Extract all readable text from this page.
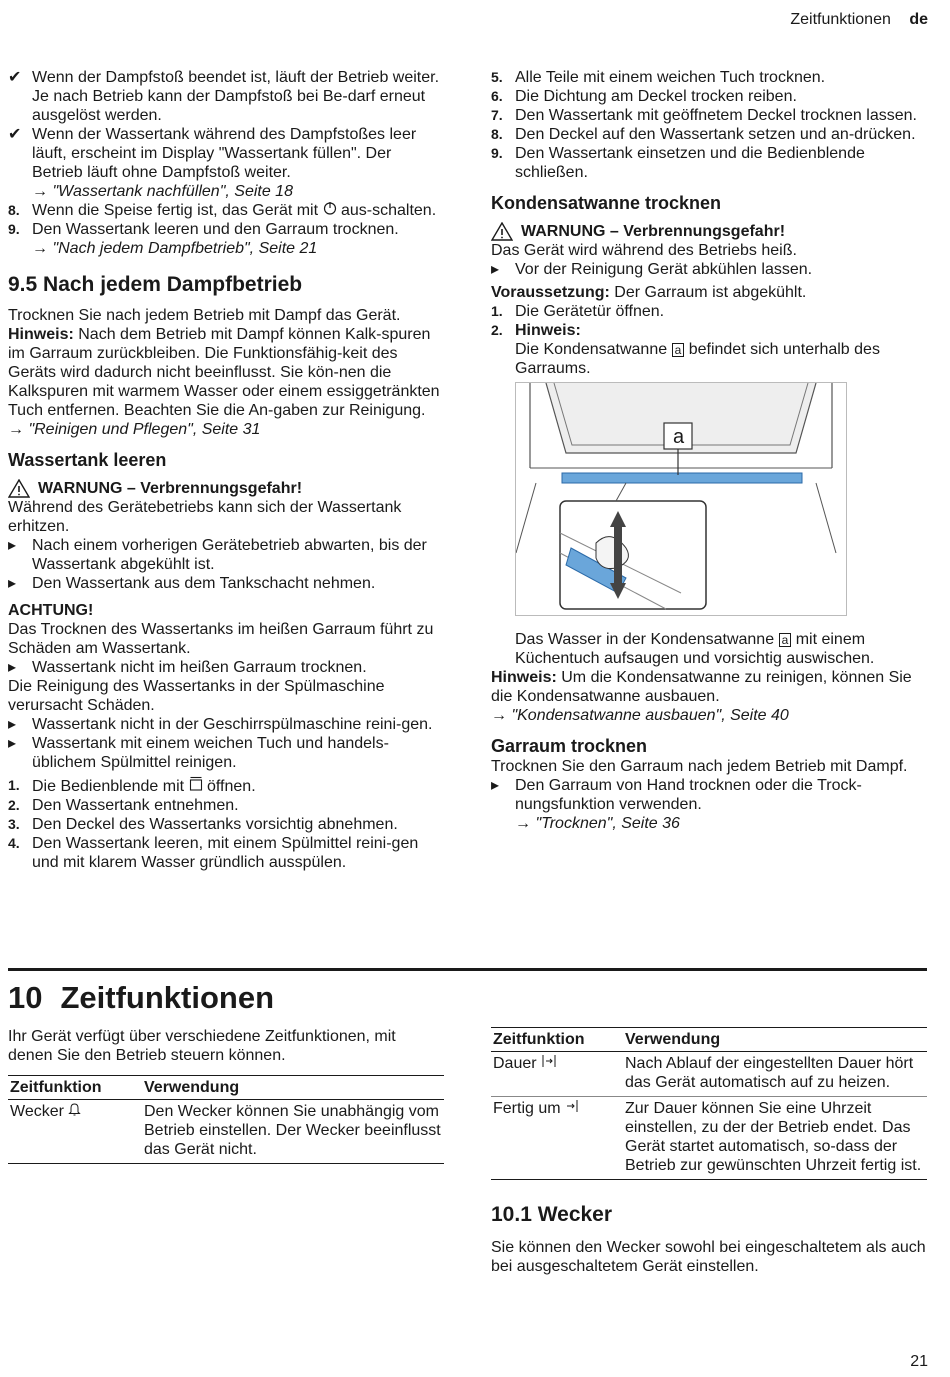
Zeitfunktionen de
✔ Wenn der Dampfstoß beendet ist, läuft der Betrieb weiter. Je nach Betrieb kann der Dampfstoß bei Be-darf erneut ausgelöst werden.

✔ Wenn der Wassertank während des Dampfstoßes leer läuft, erscheint im Display "Wassertank füllen". Der Betrieb läuft ohne Dampfstoß weiter.

→ "Wassertank nachfüllen", Seite 18

8. Wenn die Speise fertig ist, das Gerät mit aus-schalten.

9. Den Wassertank leeren und den Garraum trocknen.

→ "Nach jedem Dampfbetrieb", Seite 21

9.5 Nach jedem Dampfbetrieb

Trocknen Sie nach jedem Betrieb mit Dampf das Gerät.

Hinweis: Nach dem Betrieb mit Dampf können Kalk-spuren im Garraum zurückbleiben. Die Funktionsfähig-keit des Geräts wird dadurch nicht beeinflusst. Sie kön-nen die Kalkspuren mit warmem Wasser oder einem essiggetränkten Tuch entfernen. Beachten Sie die An-gaben zur Reinigung.

→ "Reinigen und Pflegen", Seite 31

Wassertank leeren

WARNUNG – Verbrennungsgefahr!

Während des Gerätebetriebs kann sich der Wassertank erhitzen.

▸ Nach einem vorherigen Gerätebetrieb abwarten, bis der Wassertank abgekühlt ist.

▸ Den Wassertank aus dem Tankschacht nehmen.

ACHTUNG!

Das Trocknen des Wassertanks im heißen Garraum führt zu Schäden am Wassertank.

▸ Wassertank nicht im heißen Garraum trocknen.

Die Reinigung des Wassertanks in der Spülmaschine verursacht Schäden.

▸ Wassertank nicht in der Geschirrspülmaschine reini-gen.

▸ Wassertank mit einem weichen Tuch und handels-üblichem Spülmittel reinigen.

1. Die Bedienblende mit öffnen.

2. Den Wassertank entnehmen.

3. Den Deckel des Wassertanks vorsichtig abnehmen.

4. Den Wassertank leeren, mit einem Spülmittel reini-gen und mit klarem Wasser gründlich ausspülen.

5. Alle Teile mit einem weichen Tuch trocknen.

6. Die Dichtung am Deckel trocken reiben.

7. Den Wassertank mit geöffnetem Deckel trocknen lassen.

8. Den Deckel auf den Wassertank setzen und an-drücken.

9. Den Wassertank einsetzen und die Bedienblende schließen.

Kondensatwanne trocknen

WARNUNG – Verbrennungsgefahr!

Das Gerät wird während des Betriebs heiß.

▸ Vor der Reinigung Gerät abkühlen lassen.

Voraussetzung: Der Garraum ist abgekühlt.

1. Die Gerätetür öffnen.

2. Hinweis:

Die Kondensatwanne a befindet sich unterhalb des Garraums.

a

Das Wasser in der Kondensatwanne a mit einem Küchentuch aufsaugen und vorsichtig auswischen.

Hinweis: Um die Kondensatwanne zu reinigen, können Sie die Kondensatwanne ausbauen.

→ "Kondensatwanne ausbauen", Seite 40

Garraum trocknen

Trocknen Sie den Garraum nach jedem Betrieb mit Dampf.

▸ Den Garraum von Hand trocknen oder die Trock-nungsfunktion verwenden.

→ "Trocknen", Seite 36

10 Zeitfunktionen

Ihr Gerät verfügt über verschiedene Zeitfunktionen, mit denen Sie den Betrieb steuern können.

Zeitfunktion	Verwendung
Wecker	Den Wecker können Sie unabhängig vom Betrieb einstellen. Der Wecker beeinflusst das Gerät nicht.
Zeitfunktion	Verwendung
Dauer	Nach Ablauf der eingestellten Dauer hört das Gerät automatisch auf zu heizen.
Fertig um	Zur Dauer können Sie eine Uhrzeit einstellen, zu der der Betrieb endet. Das Gerät startet automatisch, so-dass der Betrieb zur gewünschten Uhrzeit fertig ist.

10.1 Wecker

Sie können den Wecker sowohl bei eingeschaltetem als auch bei ausgeschaltetem Gerät einstellen.

21
